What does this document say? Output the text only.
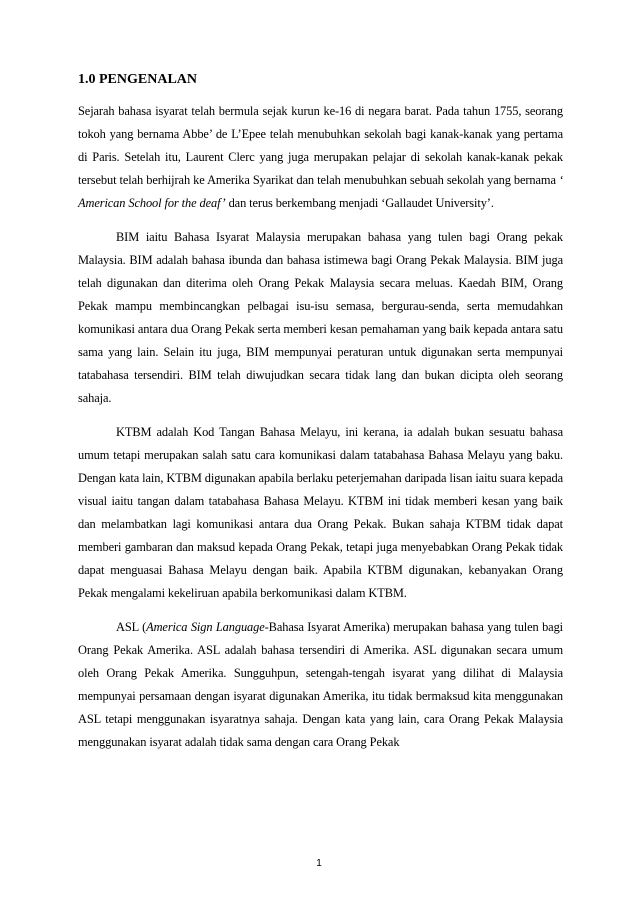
1.0 PENGENALAN

Sejarah bahasa isyarat telah bermula sejak kurun ke-16 di negara barat. Pada tahun 1755, seorang tokoh yang bernama Abbe’ de L’Epee telah menubuhkan sekolah bagi kanak-kanak yang pertama di Paris. Setelah itu, Laurent Clerc yang juga merupakan pelajar di sekolah kanak-kanak pekak tersebut telah berhijrah ke Amerika Syarikat dan telah menubuhkan sebuah sekolah yang bernama ‘ American School for the deaf’ dan terus berkembang menjadi ‘Gallaudet University’.

BIM iaitu Bahasa Isyarat Malaysia merupakan bahasa yang tulen bagi Orang pekak Malaysia. BIM adalah bahasa ibunda dan bahasa istimewa bagi Orang Pekak Malaysia. BIM juga telah digunakan dan diterima oleh Orang Pekak Malaysia secara meluas. Kaedah BIM, Orang Pekak mampu membincangkan pelbagai isu-isu semasa, bergurau-senda, serta memudahkan komunikasi antara dua Orang Pekak serta memberi kesan pemahaman yang baik kepada antara satu sama yang lain. Selain itu juga, BIM mempunyai peraturan untuk digunakan serta mempunyai tatabahasa tersendiri. BIM telah diwujudkan secara tidak lang dan bukan dicipta oleh seorang sahaja.

KTBM adalah Kod Tangan Bahasa Melayu, ini kerana, ia adalah bukan sesuatu bahasa umum tetapi merupakan salah satu cara komunikasi dalam tatabahasa Bahasa Melayu yang baku. Dengan kata lain, KTBM digunakan apabila berlaku peterjemahan daripada lisan iaitu suara kepada visual iaitu tangan dalam tatabahasa Bahasa Melayu. KTBM ini tidak memberi kesan yang baik dan melambatkan lagi komunikasi antara dua Orang Pekak. Bukan sahaja KTBM tidak dapat memberi gambaran dan maksud kepada Orang Pekak, tetapi juga menyebabkan Orang Pekak tidak dapat menguasai Bahasa Melayu dengan baik. Apabila KTBM digunakan, kebanyakan Orang Pekak mengalami kekeliruan apabila berkomunikasi dalam KTBM.

ASL (America Sign Language-Bahasa Isyarat Amerika) merupakan bahasa yang tulen bagi Orang Pekak Amerika. ASL adalah bahasa tersendiri di Amerika. ASL digunakan secara umum oleh Orang Pekak Amerika. Sungguhpun, setengah-tengah isyarat yang dilihat di Malaysia mempunyai persamaan dengan isyarat digunakan Amerika, itu tidak bermaksud kita menggunakan ASL tetapi menggunakan isyaratnya sahaja. Dengan kata yang lain, cara Orang Pekak Malaysia menggunakan isyarat adalah tidak sama dengan cara Orang Pekak

1
